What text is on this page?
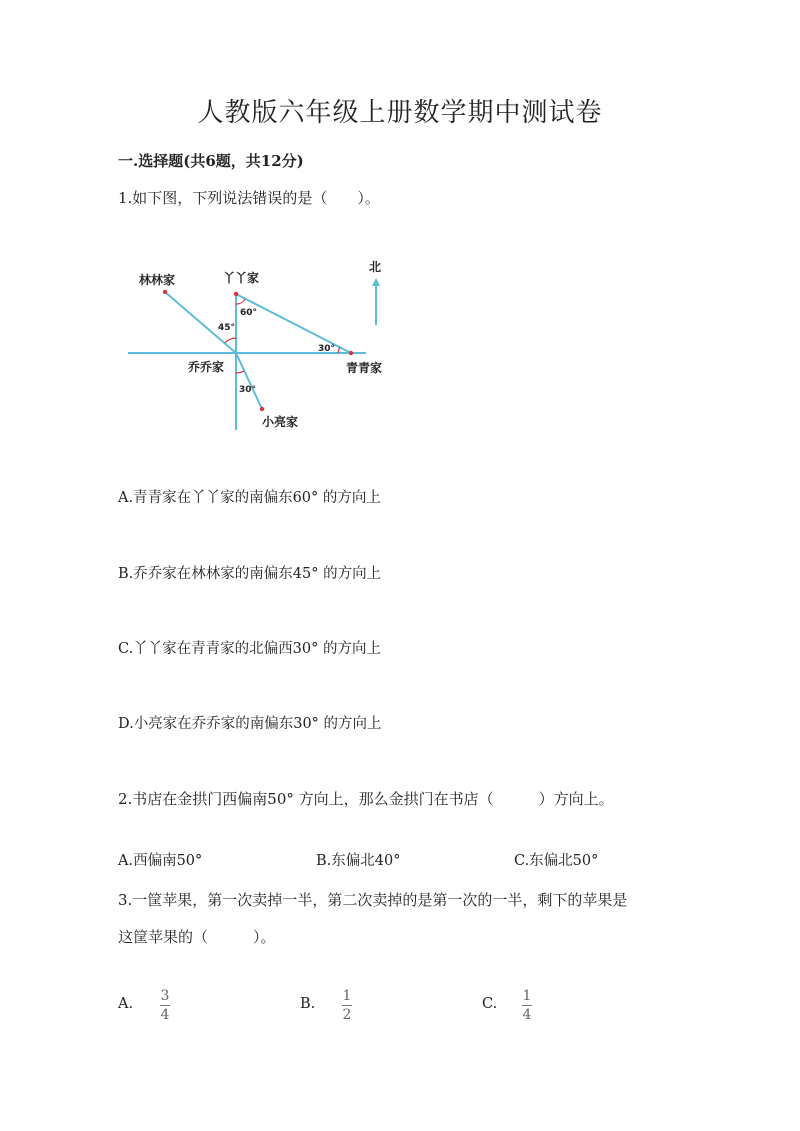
人教版六年级上册数学期中测试卷
一.选择题(共6题，共12分)
1.如下图，下列说法错误的是（　　）。
60°
45°
30°
30°
林林家	丫丫家
北
乔乔家	青青家
小亮家
A.青青家在丫丫家的南偏东60° 的方向上
B.乔乔家在林林家的南偏东45° 的方向上
C.丫丫家在青青家的北偏西30° 的方向上
D.小亮家在乔乔家的南偏东30° 的方向上
2.书店在金拱门西偏南50° 方向上，那么金拱门在书店（　　　）方向上。
A.西偏南50°	B.东偏北40°	C.东偏北50°
3.一筐苹果，第一次卖掉一半，第二次卖掉的是第一次的一半，剩下的苹果是
这筐苹果的（　　　）。
A. 3
4
B. 1
2
C. 1
4
